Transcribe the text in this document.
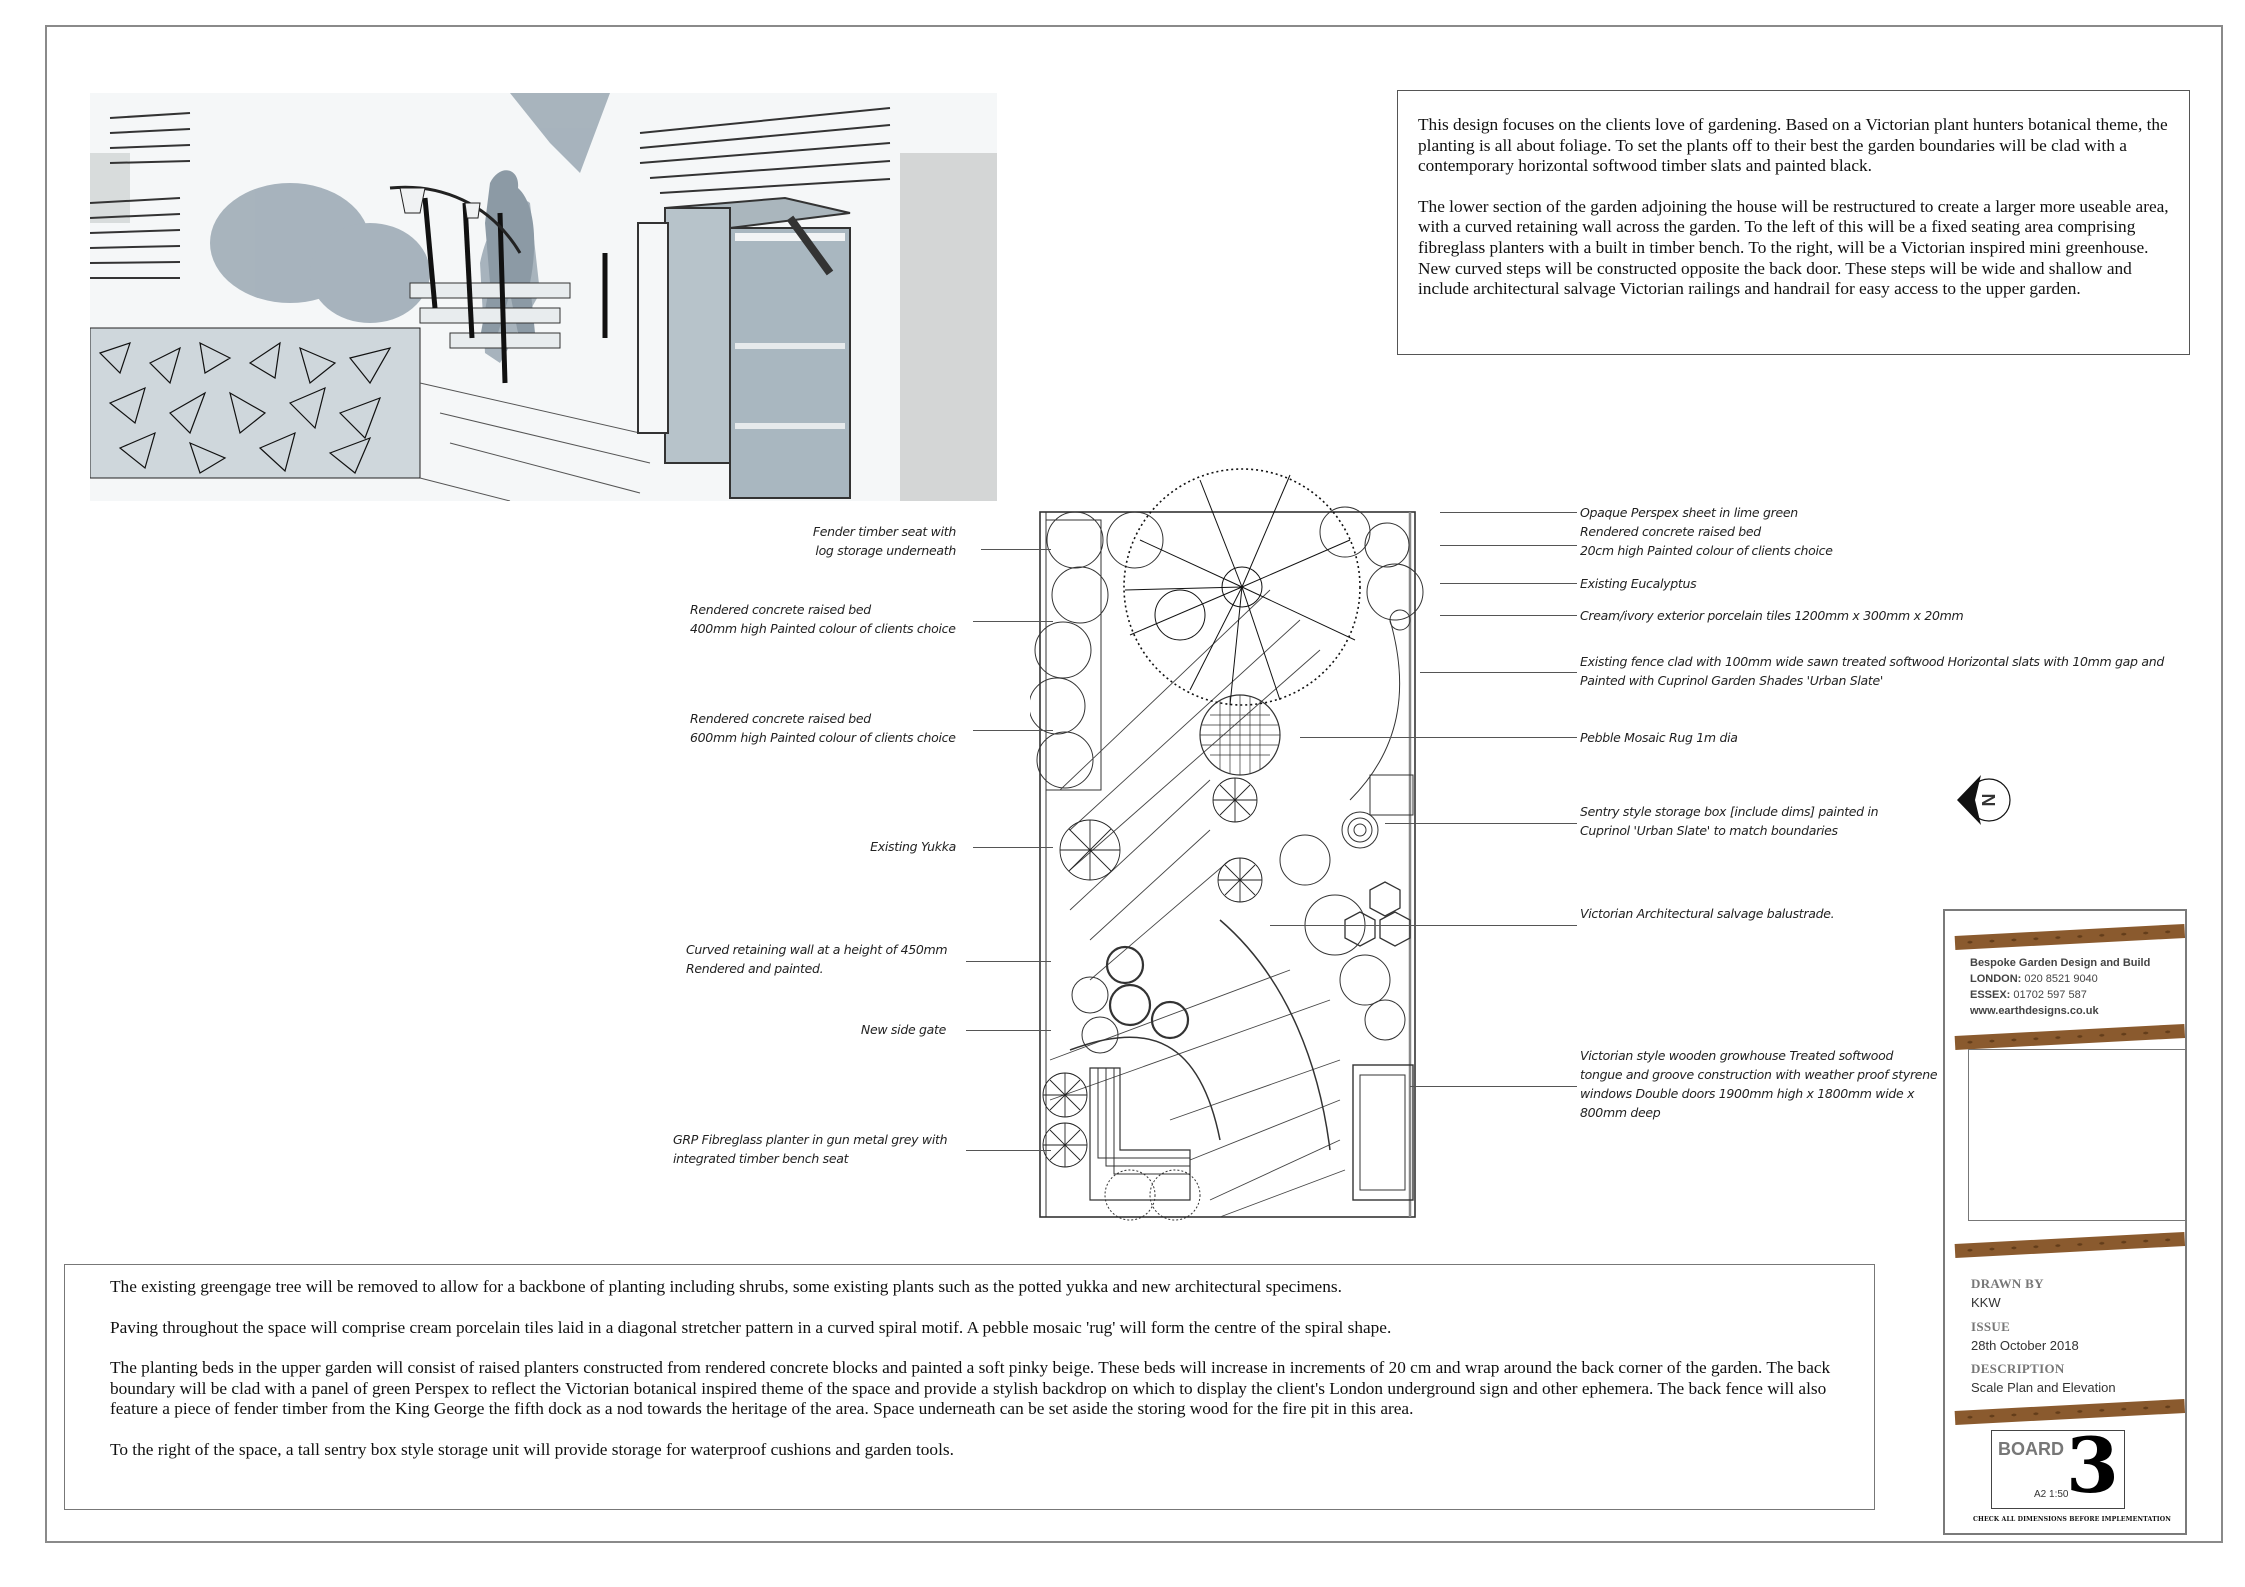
This design focuses on the clients love of gardening. Based on a Victorian plant hunters botanical theme, the planting is all about foliage. To set the plants off to their best the garden boundaries will be clad with a contemporary horizontal softwood timber slats and painted black.

The lower section of the garden adjoining the house will be restructured to create a larger more useable area, with a curved retaining wall across the garden. To the left of this will be a fixed seating area comprising fibreglass planters with a built in timber bench. To the right, will be a Victorian inspired mini greenhouse. New curved steps will be constructed opposite the back door. These steps will be wide and shallow and include architectural salvage Victorian railings and handrail for easy access to the upper garden.

Fender timber seat with
log storage underneath
Rendered concrete raised bed
400mm high Painted colour of clients choice
Rendered concrete raised bed
600mm high Painted colour of clients choice
Existing Yukka
Curved retaining wall at a height of 450mm
Rendered and painted.
New side gate
GRP Fibreglass planter in gun metal grey with
integrated timber bench seat
Opaque Perspex sheet in lime green
Rendered concrete raised bed
20cm high Painted colour of clients choice
Existing Eucalyptus
Cream/ivory exterior porcelain tiles 1200mm x 300mm x 20mm
Existing fence clad with 100mm wide sawn treated softwood Horizontal slats with 10mm gap and
Painted with Cuprinol Garden Shades 'Urban Slate'
Pebble Mosaic Rug 1m dia
Sentry style storage box [include dims] painted in
Cuprinol 'Urban Slate' to match boundaries
Victorian Architectural salvage balustrade.
Victorian style wooden growhouse Treated softwood
tongue and groove construction with weather proof styrene
windows Double doors 1900mm high x 1800mm wide x
800mm deep
N

The existing greengage tree will be removed to allow for a backbone of planting including shrubs, some existing plants such as the potted yukka and new architectural specimens.

Paving throughout the space will comprise cream porcelain tiles laid in a diagonal stretcher pattern in a curved spiral motif. A pebble mosaic 'rug' will form the centre of the spiral shape.

The planting beds in the upper garden will consist of raised planters constructed from rendered concrete blocks and painted a soft pinky beige. These beds will increase in increments of 20 cm and wrap around the back corner of the garden. The back boundary will be clad with a panel of green Perspex to reflect the Victorian botanical inspired theme of the space and provide a stylish backdrop on which to display the client's London underground sign and other ephemera. The back fence will also feature a piece of fender timber from the King George the fifth dock as a nod towards the heritage of the area. Space underneath can be set aside the storing wood for the fire pit in this area.

To the right of the space, a tall sentry box style storage unit will provide storage for waterproof cushions and garden tools.

Bespoke Garden Design and Build
LONDON: 020 8521 9040
ESSEX: 01702 597 587
www.earthdesigns.co.uk
DRAWN BY
KKW
ISSUE
28th October 2018
DESCRIPTION
Scale Plan and Elevation
BOARD 3
A2 1:50
CHECK ALL DIMENSIONS BEFORE IMPLEMENTATION
